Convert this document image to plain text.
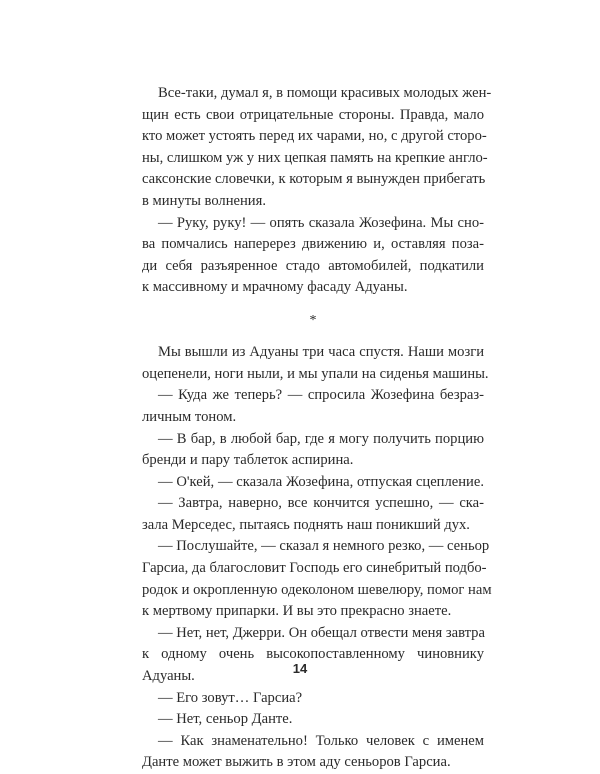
Все-таки, думал я, в помощи красивых молодых жен-
щин есть свои отрицательные стороны. Правда, мало
кто может устоять перед их чарами, но, с другой сторо-
ны, слишком уж у них цепкая память на крепкие англо-
саксонские словечки, к которым я вынужден прибегать
в минуты волнения.
— Руку, руку! — опять сказала Жозефина. Мы сно-
ва помчались наперерез движению и, оставляя поза-
ди себя разъяренное стадо автомобилей, подкатили
к массивному и мрачному фасаду Адуаны.
*
Мы вышли из Адуаны три часа спустя. Наши мозги
оцепенели, ноги ныли, и мы упали на сиденья машины.
— Куда же теперь? — спросила Жозефина безраз-
личным тоном.
— В бар, в любой бар, где я могу получить порцию
бренди и пару таблеток аспирина.
— О'кей, — сказала Жозефина, отпуская сцепление.
— Завтра, наверно, все кончится успешно, — ска-
зала Мерседес, пытаясь поднять наш поникший дух.
— Послушайте, — сказал я немного резко, — сеньор
Гарсиа, да благословит Господь его синебритый подбо-
родок и окропленную одеколоном шевелюру, помог нам
к мертвому припарки. И вы это прекрасно знаете.
— Нет, нет, Джерри. Он обещал отвести меня завтра
к одному очень высокопоставленному чиновнику
Адуаны.
— Его зовут… Гарсиа?
— Нет, сеньор Данте.
— Как знаменательно! Только человек с именем
Данте может выжить в этом аду сеньоров Гарсиа.
14
